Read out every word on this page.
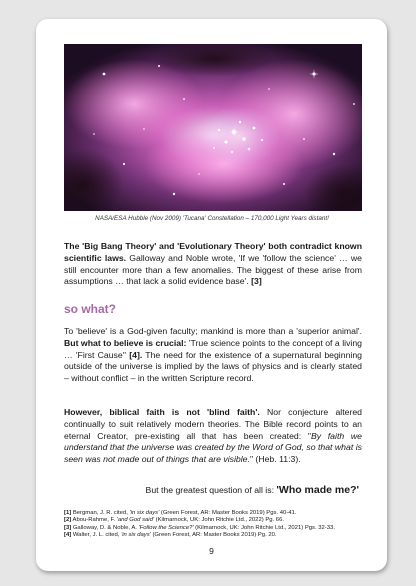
NASA/ESA Hubble (Nov 2009) 'Tucana' Constellation – 170,000 Light Years distant!
The 'Big Bang Theory' and 'Evolutionary Theory' both contradict known scientific laws. Galloway and Noble wrote, 'If we 'follow the science' … we still encounter more than a few anomalies. The biggest of these arise from assumptions … that lack a solid evidence base'. [3]
so what?
To 'believe' is a God-given faculty; mankind is more than a 'superior animal'. But what to believe is crucial: 'True science points to the concept of a living … 'First Cause'' [4]. The need for the existence of a supernatural beginning outside of the universe is implied by the laws of physics and is clearly stated – without conflict – in the written Scripture record.
However, biblical faith is not 'blind faith'. Nor conjecture altered continually to suit relatively modern theories. The Bible record points to an eternal Creator, pre-existing all that has been created: "By faith we understand that the universe was created by the Word of God, so that what is seen was not made out of things that are visible." (Heb. 11:3).
But the greatest question of all is: 'Who made me?'
[1] Bergman, J. R. cited, 'in six days' (Green Forest, AR: Master Books 2019) Pgs. 40-41.
[2] Abou-Rahme, F. 'and God said' (Kilmarnock, UK: John Ritchie Ltd., 2022) Pg. 66.
[3] Galloway, D. & Noble, A. 'Follow the Science?' (Kilmarnock, UK: John Ritchie Ltd., 2021) Pgs. 32-33.
[4] Walter, J. L. cited, 'in six days' (Green Forest, AR: Master Books 2019) Pg. 20.
9
